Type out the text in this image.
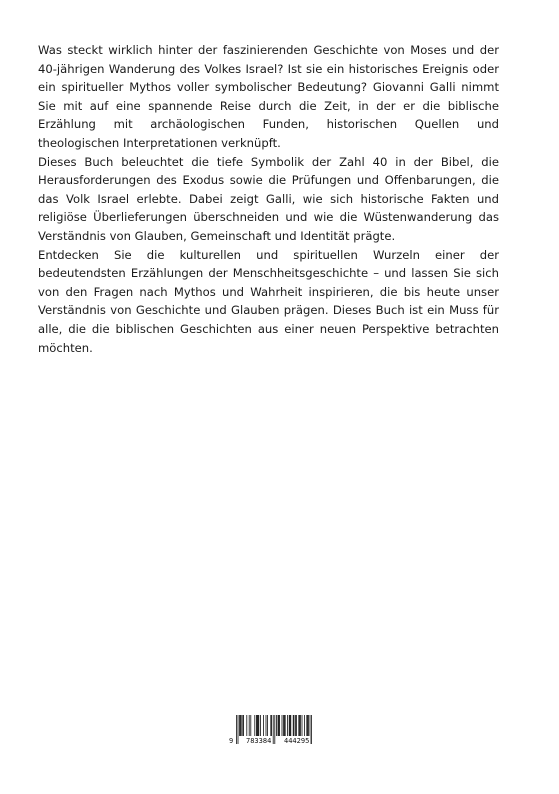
Was steckt wirklich hinter der faszinierenden Geschichte von Moses und der 40-jährigen Wanderung des Volkes Israel? Ist sie ein historisches Ereignis oder ein spiritueller Mythos voller symbolischer Bedeutung? Giovanni Galli nimmt Sie mit auf eine spannende Reise durch die Zeit, in der er die biblische Erzählung mit archäologischen Funden, historischen Quellen und theologischen Interpretationen verknüpft.

Dieses Buch beleuchtet die tiefe Symbolik der Zahl 40 in der Bibel, die Herausforderungen des Exodus sowie die Prüfungen und Offenbarungen, die das Volk Israel erlebte. Dabei zeigt Galli, wie sich historische Fakten und religiöse Überlieferungen überschneiden und wie die Wüstenwanderung das Verständnis von Glauben, Gemeinschaft und Identität prägte.

Entdecken Sie die kulturellen und spirituellen Wurzeln einer der bedeutendsten Erzählungen der Menschheitsgeschichte – und lassen Sie sich von den Fragen nach Mythos und Wahrheit inspirieren, die bis heute unser Verständnis von Geschichte und Glauben prägen. Dieses Buch ist ein Muss für alle, die die biblischen Geschichten aus einer neuen Perspektive betrachten möchten.

9 783384 444295
